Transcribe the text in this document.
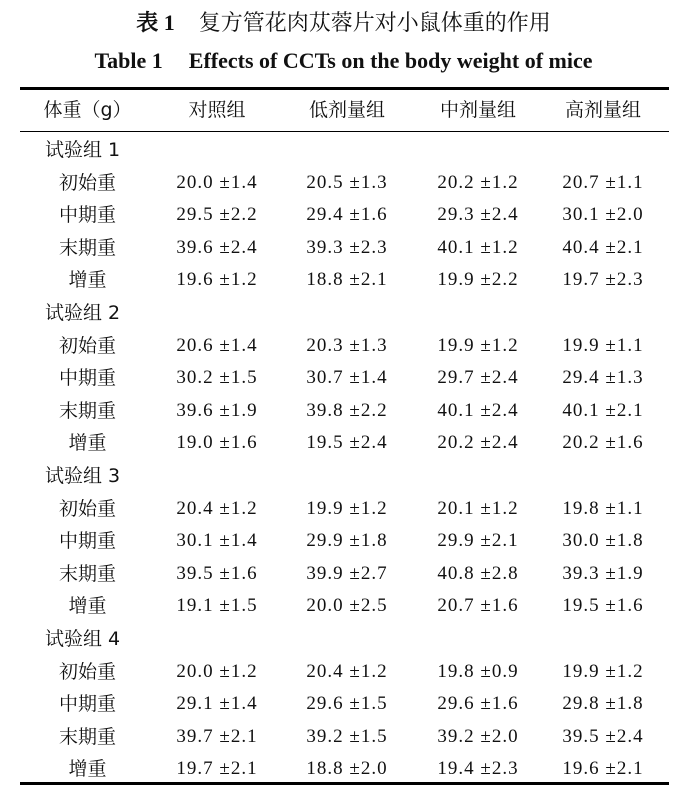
表 1 复方管花肉苁蓉片对小鼠体重的作用
Table 1 Effects of CCTs on the body weight of mice
体重（g）	对照组	低剂量组	中剂量组	高剂量组
试验组 1
初始重	20.0 ±1.4	20.5 ±1.3	20.2 ±1.2	20.7 ±1.1
中期重	29.5 ±2.2	29.4 ±1.6	29.3 ±2.4	30.1 ±2.0
末期重	39.6 ±2.4	39.3 ±2.3	40.1 ±1.2	40.4 ±2.1
增重	19.6 ±1.2	18.8 ±2.1	19.9 ±2.2	19.7 ±2.3
试验组 2
初始重	20.6 ±1.4	20.3 ±1.3	19.9 ±1.2	19.9 ±1.1
中期重	30.2 ±1.5	30.7 ±1.4	29.7 ±2.4	29.4 ±1.3
末期重	39.6 ±1.9	39.8 ±2.2	40.1 ±2.4	40.1 ±2.1
增重	19.0 ±1.6	19.5 ±2.4	20.2 ±2.4	20.2 ±1.6
试验组 3
初始重	20.4 ±1.2	19.9 ±1.2	20.1 ±1.2	19.8 ±1.1
中期重	30.1 ±1.4	29.9 ±1.8	29.9 ±2.1	30.0 ±1.8
末期重	39.5 ±1.6	39.9 ±2.7	40.8 ±2.8	39.3 ±1.9
增重	19.1 ±1.5	20.0 ±2.5	20.7 ±1.6	19.5 ±1.6
试验组 4
初始重	20.0 ±1.2	20.4 ±1.2	19.8 ±0.9	19.9 ±1.2
中期重	29.1 ±1.4	29.6 ±1.5	29.6 ±1.6	29.8 ±1.8
末期重	39.7 ±2.1	39.2 ±1.5	39.2 ±2.0	39.5 ±2.4
增重	19.7 ±2.1	18.8 ±2.0	19.4 ±2.3	19.6 ±2.1
